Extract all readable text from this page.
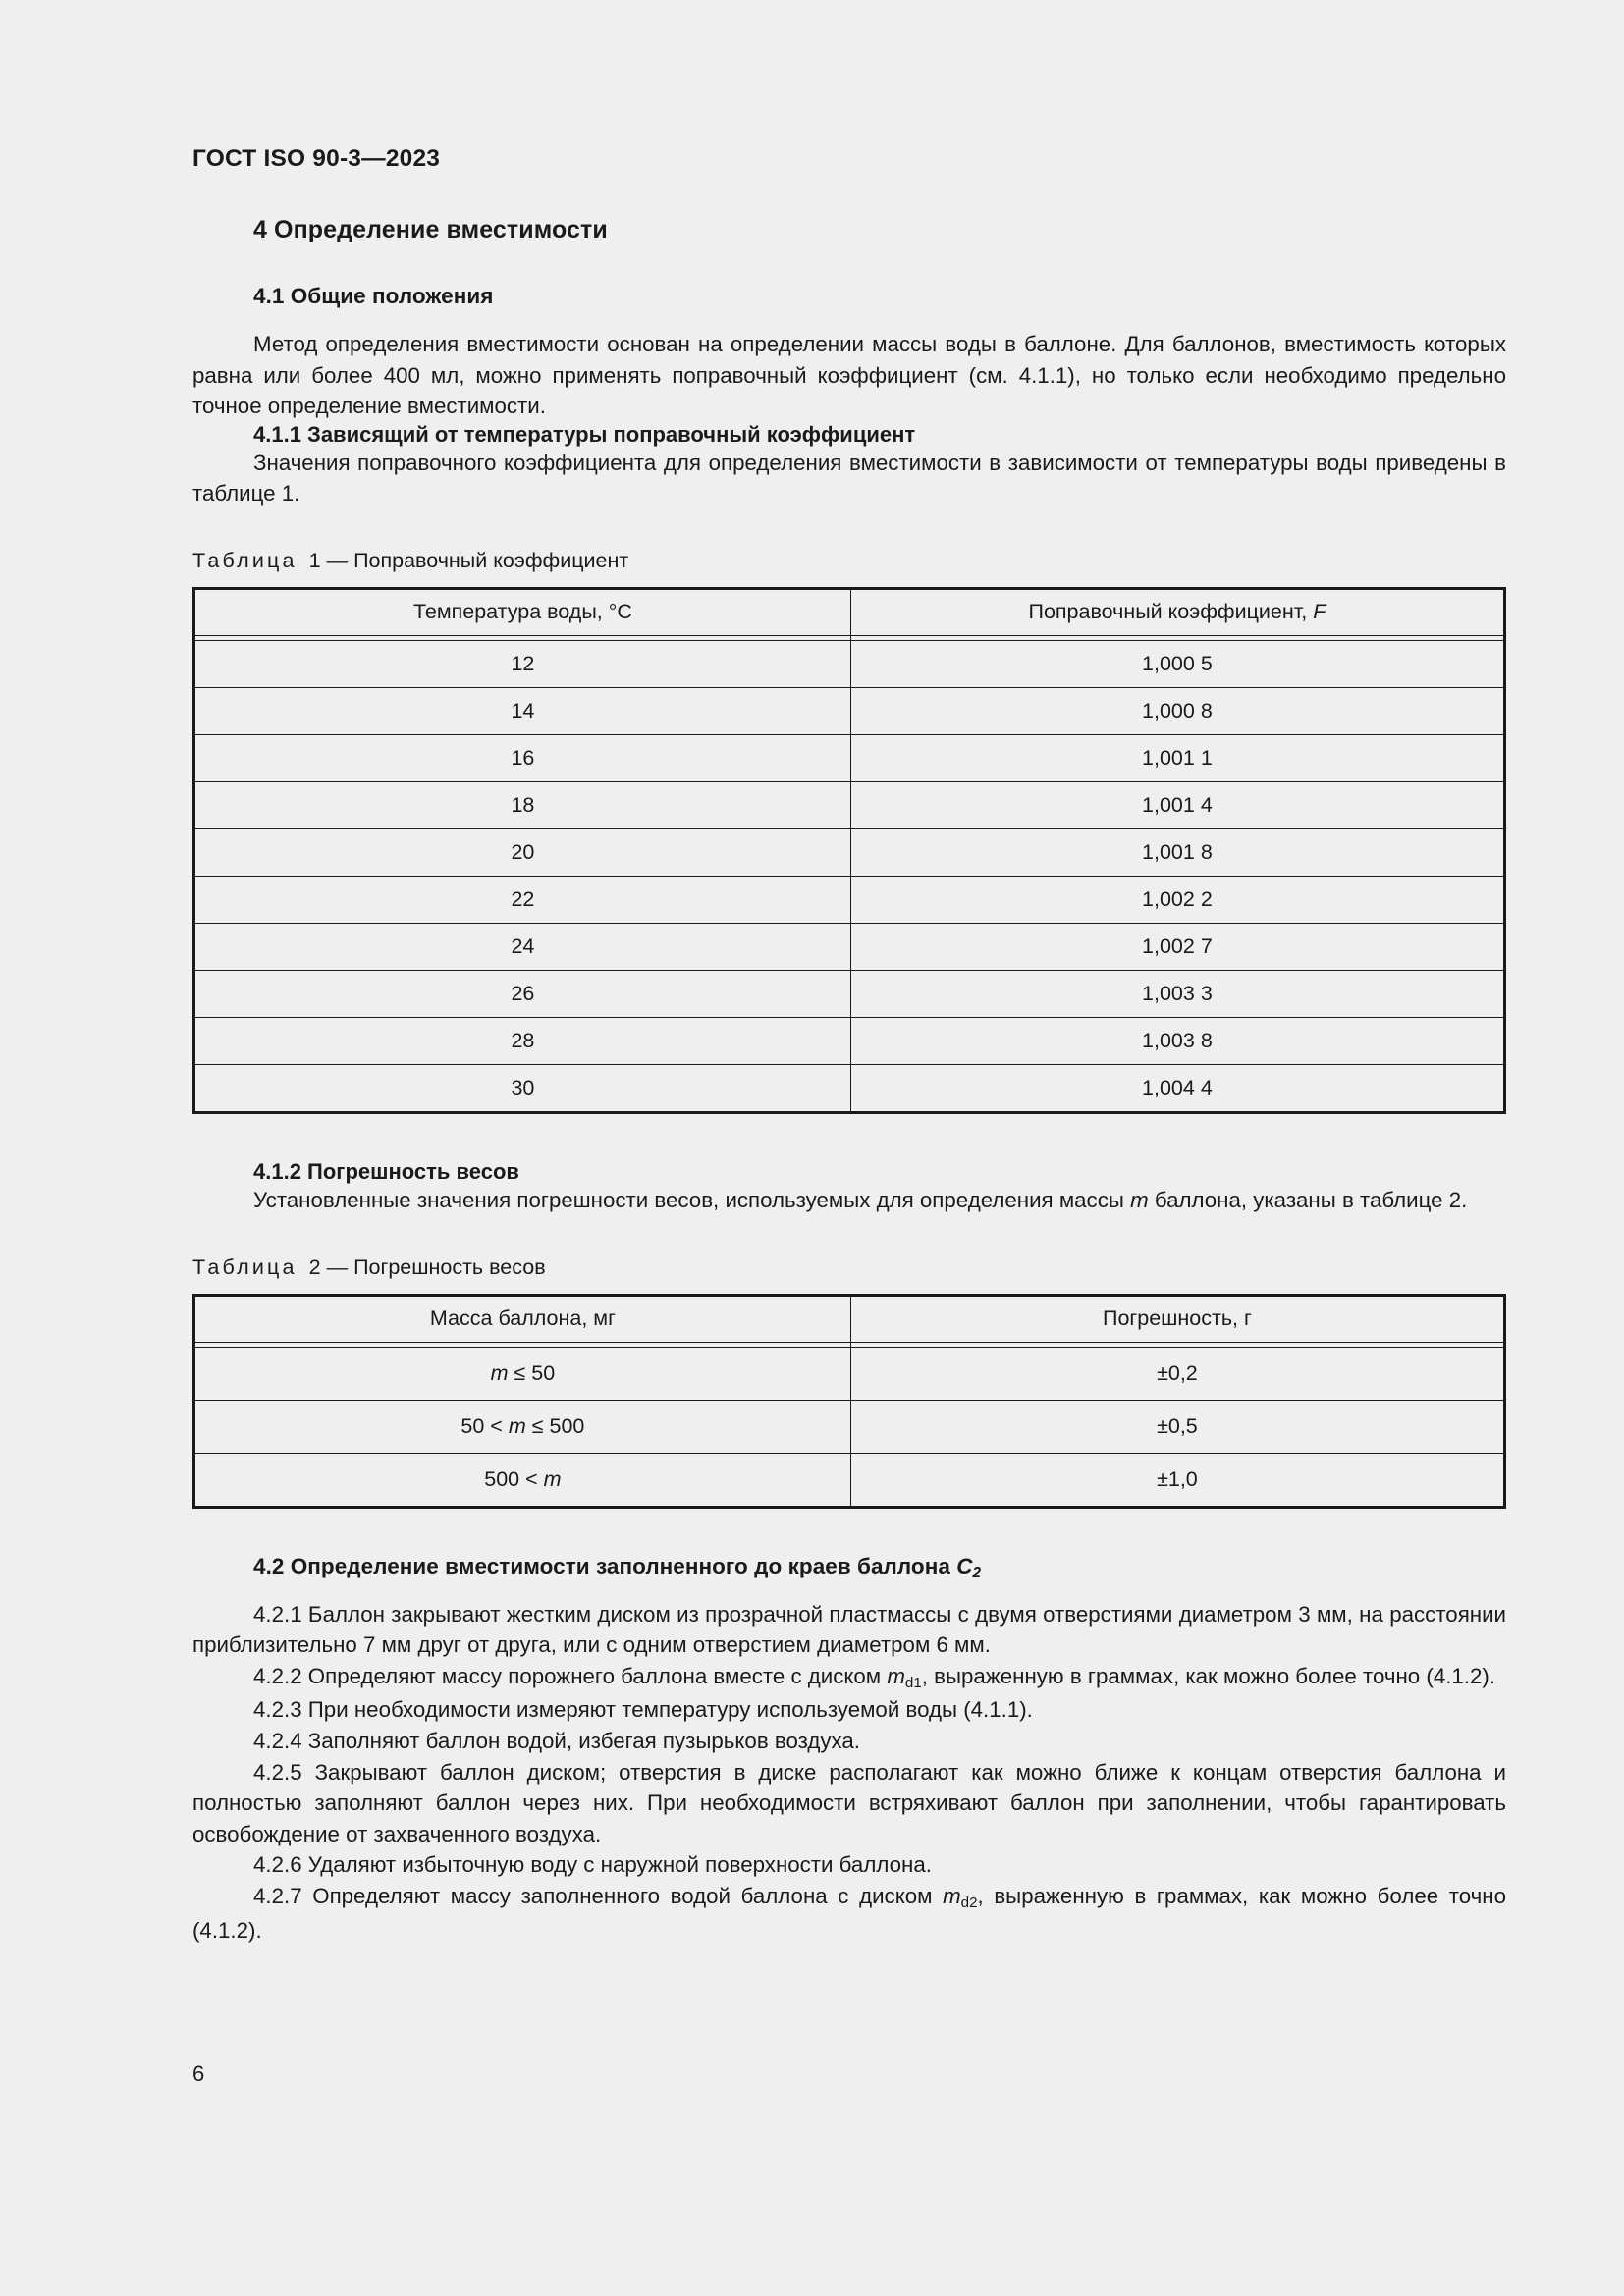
ГОСТ ISO 90-3—2023
4 Определение вместимости
4.1 Общие положения

Метод определения вместимости основан на определении массы воды в баллоне. Для баллонов, вместимость которых равна или более 400 мл, можно применять поправочный коэффициент (см. 4.1.1), но только если необходимо предельно точное определение вместимости.

4.1.1 Зависящий от температуры поправочный коэффициент

Значения поправочного коэффициента для определения вместимости в зависимости от температуры воды приведены в таблице 1.

Таблица 1 — Поправочный коэффициент

Температура воды, °C	Поправочный коэффициент, F

12	1,000 5
14	1,000 8
16	1,001 1
18	1,001 4
20	1,001 8
22	1,002 2
24	1,002 7
26	1,003 3
28	1,003 8
30	1,004 4
4.1.2 Погрешность весов

Установленные значения погрешности весов, используемых для определения массы m баллона, указаны в таблице 2.

Таблица 2 — Погрешность весов

Масса баллона, мг	Погрешность, г

m ≤ 50	±0,2
50 < m ≤ 500	±0,5
500 < m	±1,0
4.2 Определение вместимости заполненного до краев баллона $C_2$

4.2.1 Баллон закрывают жестким диском из прозрачной пластмассы с двумя отверстиями диаметром 3 мм, на расстоянии приблизительно 7 мм друг от друга, или с одним отверстием диаметром 6 мм.

4.2.2 Определяют массу порожнего баллона вместе с диском $m_{d1}$, выраженную в граммах, как можно более точно (4.1.2).

4.2.3 При необходимости измеряют температуру используемой воды (4.1.1).

4.2.4 Заполняют баллон водой, избегая пузырьков воздуха.

4.2.5 Закрывают баллон диском; отверстия в диске располагают как можно ближе к концам отверстия баллона и полностью заполняют баллон через них. При необходимости встряхивают баллон при заполнении, чтобы гарантировать освобождение от захваченного воздуха.

4.2.6 Удаляют избыточную воду с наружной поверхности баллона.

4.2.7 Определяют массу заполненного водой баллона с диском $m_{d2}$, выраженную в граммах, как можно более точно (4.1.2).

6
